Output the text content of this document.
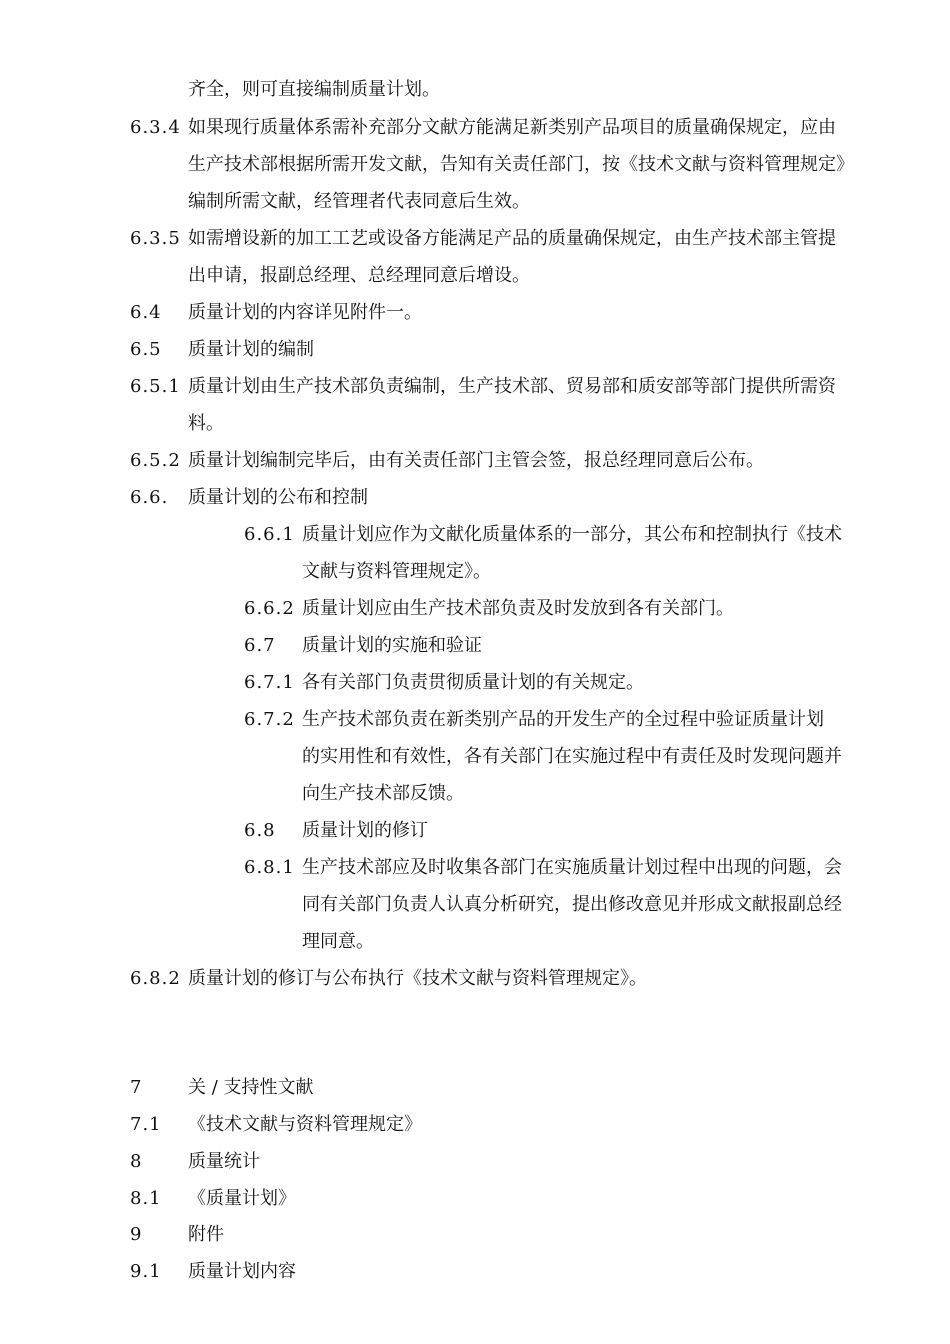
齐全，则可直接编制质量计划。
6.3.4 如果现行质量体系需补充部分文献方能满足新类别产品项目的质量确保规定，应由
生产技术部根据所需开发文献，告知有关责任部门，按《技术文献与资料管理规定》
编制所需文献，经管理者代表同意后生效。
6.3.5 如需增设新的加工工艺或设备方能满足产品的质量确保规定，由生产技术部主管提
出申请，报副总经理、总经理同意后增设。
6.4 质量计划的内容详见附件一。
6.5 质量计划的编制
6.5.1 质量计划由生产技术部负责编制，生产技术部、贸易部和质安部等部门提供所需资
料。
6.5.2 质量计划编制完毕后，由有关责任部门主管会签，报总经理同意后公布。
6.6. 质量计划的公布和控制
6.6.1 质量计划应作为文献化质量体系的一部分，其公布和控制执行《技术
文献与资料管理规定》。
6.6.2 质量计划应由生产技术部负责及时发放到各有关部门。
6.7 质量计划的实施和验证
6.7.1 各有关部门负责贯彻质量计划的有关规定。
6.7.2 生产技术部负责在新类别产品的开发生产的全过程中验证质量计划
的实用性和有效性，各有关部门在实施过程中有责任及时发现问题并
向生产技术部反馈。
6.8 质量计划的修订
6.8.1 生产技术部应及时收集各部门在实施质量计划过程中出现的问题，会
同有关部门负责人认真分析研究，提出修改意见并形成文献报副总经
理同意。
6.8.2 质量计划的修订与公布执行《技术文献与资料管理规定》。
7	关 / 支持性文献
7.1 《技术文献与资料管理规定》
8	质量统计
8.1 《质量计划》
9	附件
9.1 质量计划内容
